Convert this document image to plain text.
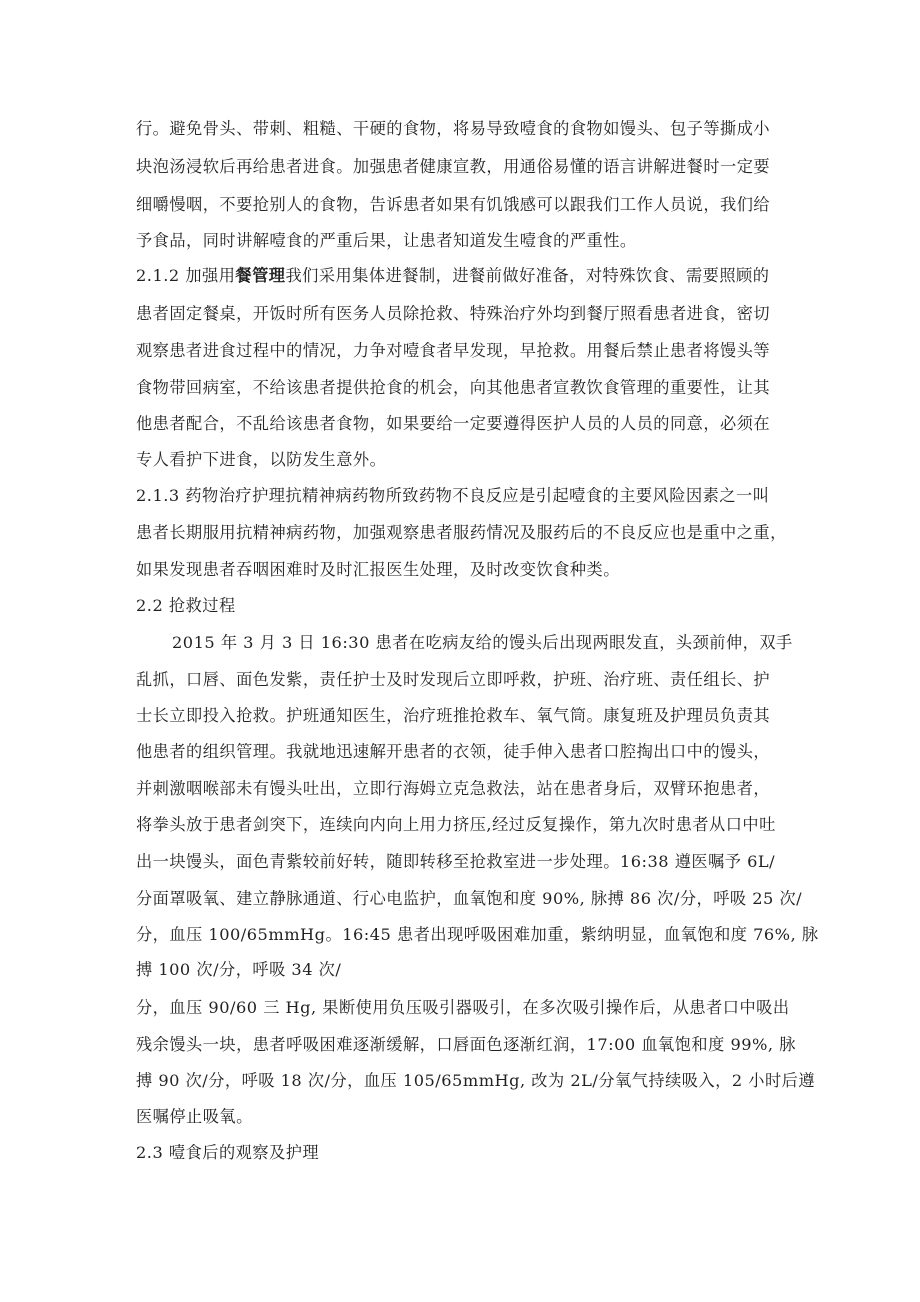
行。避免骨头、带刺、粗糙、干硬的食物，将易导致噎食的食物如馒头、包子等撕成小
块泡汤浸软后再给患者进食。加强患者健康宣教，用通俗易懂的语言讲解进餐时一定要
细嚼慢咽，不要抢别人的食物，告诉患者如果有饥饿感可以跟我们工作人员说，我们给
予食品，同时讲解噎食的严重后果，让患者知道发生噎食的严重性。
2.1.2 加强用餐管理我们采用集体进餐制，进餐前做好准备，对特殊饮食、需要照顾的
患者固定餐桌，开饭时所有医务人员除抢救、特殊治疗外均到餐厅照看患者进食，密切
观察患者进食过程中的情况，力争对噎食者早发现，早抢救。用餐后禁止患者将馒头等
食物带回病室，不给该患者提供抢食的机会，向其他患者宣教饮食管理的重要性，让其
他患者配合，不乱给该患者食物，如果要给一定要遵得医护人员的人员的同意，必须在
专人看护下进食，以防发生意外。
2.1.3 药物治疗护理抗精神病药物所致药物不良反应是引起噎食的主要风险因素之一叫
患者长期服用抗精神病药物，加强观察患者服药情况及服药后的不良反应也是重中之重，
如果发现患者吞咽困难时及时汇报医生处理，及时改变饮食种类。
2.2 抢救过程
2015 年 3 月 3 日 16:30 患者在吃病友给的馒头后出现两眼发直，头颈前伸，双手
乱抓，口唇、面色发紫，责任护士及时发现后立即呼救，护班、治疗班、责任组长、护
士长立即投入抢救。护班通知医生，治疗班推抢救车、氧气筒。康复班及护理员负责其
他患者的组织管理。我就地迅速解开患者的衣领，徒手伸入患者口腔掏出口中的馒头，
并刺激咽喉部未有馒头吐出，立即行海姆立克急救法，站在患者身后，双臂环抱患者，
将拳头放于患者剑突下，连续向内向上用力挤压,经过反复操作，第九次时患者从口中吐
出一块馒头，面色青紫较前好转，随即转移至抢救室进一步处理。16:38 遵医嘱予 6L/
分面罩吸氧、建立静脉通道、行心电监护，血氧饱和度 90%, 脉搏 86 次/分，呼吸 25 次/
分，血压 100/65mmHg。16:45 患者出现呼吸困难加重，紫纳明显，血氧饱和度 76%, 脉
搏 100 次/分，呼吸 34 次/
分，血压 90/60 三 Hg, 果断使用负压吸引器吸引，在多次吸引操作后，从患者口中吸出
残余馒头一块，患者呼吸困难逐渐缓解，口唇面色逐渐红润，17:00 血氧饱和度 99%, 脉
搏 90 次/分，呼吸 18 次/分，血压 105/65mmHg, 改为 2L/分氧气持续吸入，2 小时后遵
医嘱停止吸氧。
2.3 噎食后的观察及护理
